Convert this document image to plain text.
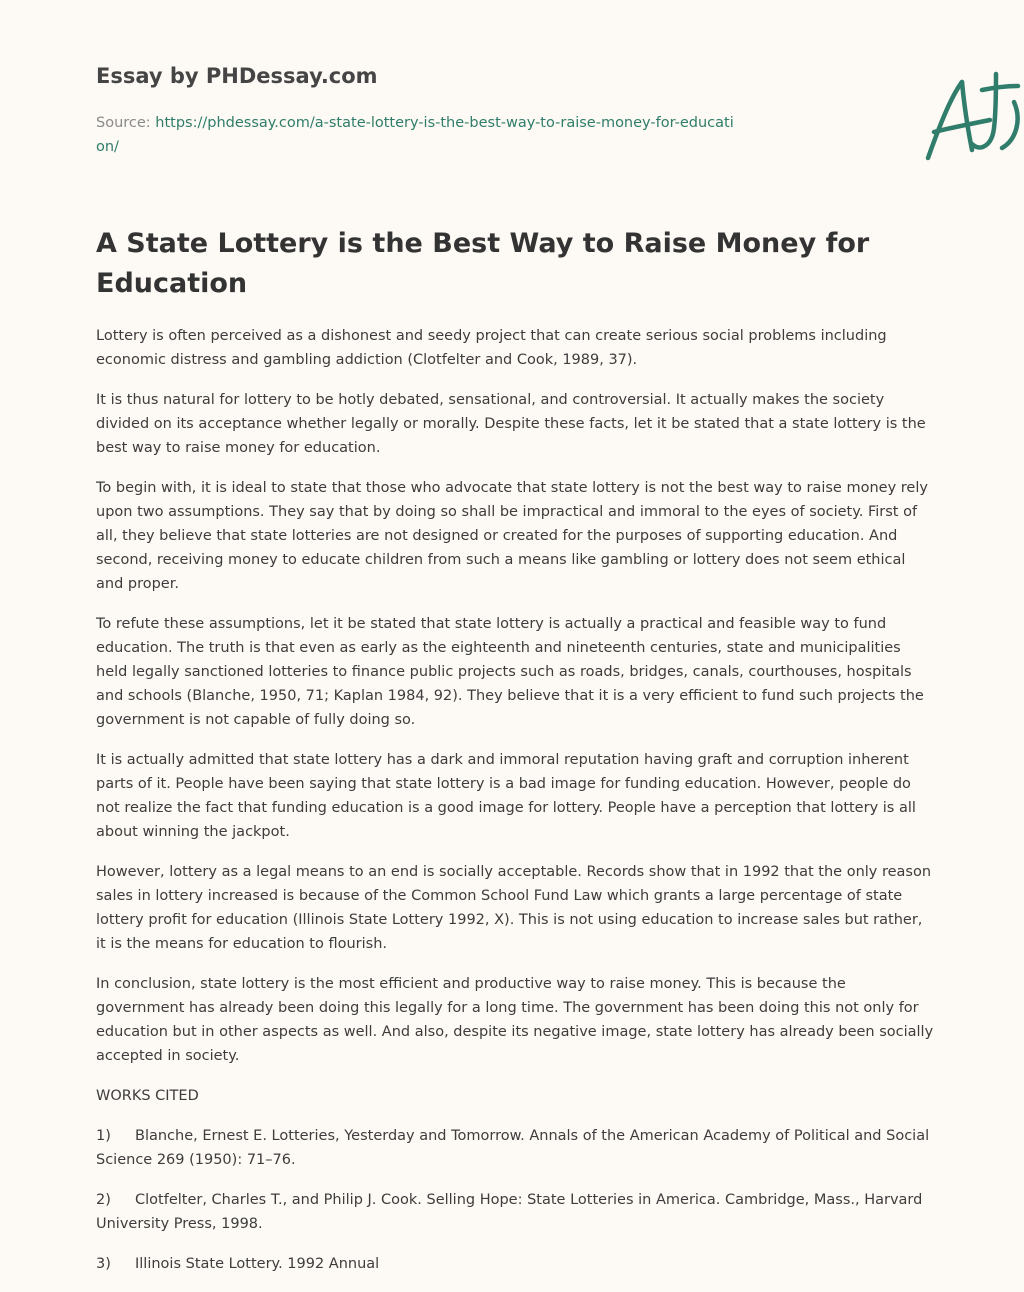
Essay by PHDessay.com
Source: https://phdessay.com/a-state-lottery-is-the-best-way-to-raise-money-for-education/
A State Lottery is the Best Way to Raise Money for Education

Lottery is often perceived as a dishonest and seedy project that can create serious social problems including economic distress and gambling addiction (Clotfelter and Cook, 1989, 37).

It is thus natural for lottery to be hotly debated, sensational, and controversial. It actually makes the society divided on its acceptance whether legally or morally. Despite these facts, let it be stated that a state lottery is the best way to raise money for education.

To begin with, it is ideal to state that those who advocate that state lottery is not the best way to raise money rely upon two assumptions. They say that by doing so shall be impractical and immoral to the eyes of society. First of all, they believe that state lotteries are not designed or created for the purposes of supporting education. And second, receiving money to educate children from such a means like gambling or lottery does not seem ethical and proper.

To refute these assumptions, let it be stated that state lottery is actually a practical and feasible way to fund education. The truth is that even as early as the eighteenth and nineteenth centuries, state and municipalities held legally sanctioned lotteries to finance public projects such as roads, bridges, canals, courthouses, hospitals and schools (Blanche, 1950, 71; Kaplan 1984, 92). They believe that it is a very efficient to fund such projects the government is not capable of fully doing so.

It is actually admitted that state lottery has a dark and immoral reputation having graft and corruption inherent parts of it. People have been saying that state lottery is a bad image for funding education. However, people do not realize the fact that funding education is a good image for lottery. People have a perception that lottery is all about winning the jackpot.

However, lottery as a legal means to an end is socially acceptable. Records show that in 1992 that the only reason sales in lottery increased is because of the Common School Fund Law which grants a large percentage of state lottery profit for education (Illinois State Lottery 1992, X). This is not using education to increase sales but rather, it is the means for education to flourish.

In conclusion, state lottery is the most efficient and productive way to raise money. This is because the government has already been doing this legally for a long time. The government has been doing this not only for education but in other aspects as well. And also, despite its negative image, state lottery has already been socially accepted in society.

WORKS CITED

1) Blanche, Ernest E. Lotteries, Yesterday and Tomorrow. Annals of the American Academy of Political and Social Science 269 (1950): 71–76.

2) Clotfelter, Charles T., and Philip J. Cook. Selling Hope: State Lotteries in America. Cambridge, Mass., Harvard University Press, 1998.

3) Illinois State Lottery. 1992 Annual
